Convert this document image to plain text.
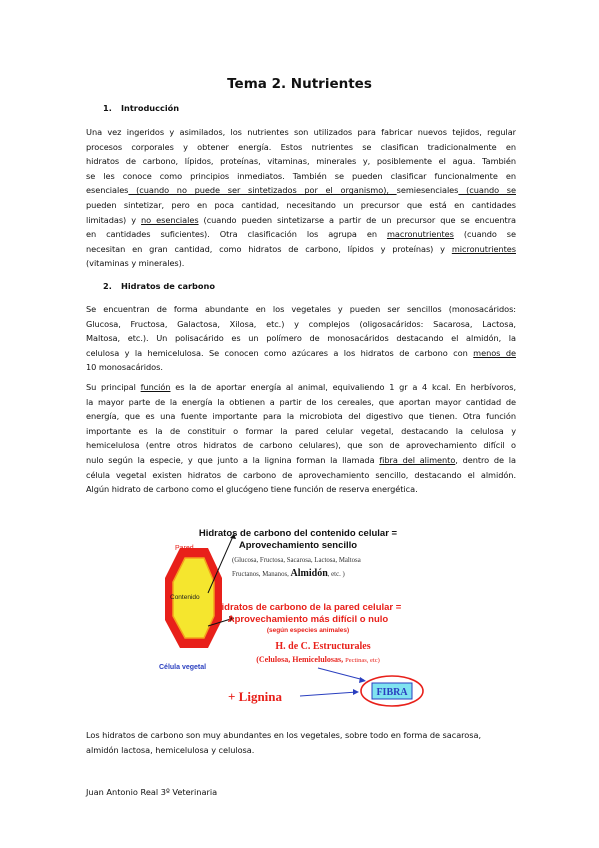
Tema 2. Nutrientes
1. Introducción
Una vez ingeridos y asimilados, los nutrientes son utilizados para fabricar nuevos tejidos, regular
procesos corporales y obtener energía. Estos nutrientes se clasifican tradicionalmente en
hidratos de carbono, lípidos, proteínas, vitaminas, minerales y, posiblemente el agua. También
se les conoce como principios inmediatos. También se pueden clasificar funcionalmente en
esenciales (cuando no puede ser sintetizados por el organismo), semiesenciales (cuando se
pueden sintetizar, pero en poca cantidad, necesitando un precursor que está en cantidades
limitadas) y no esenciales (cuando pueden sintetizarse a partir de un precursor que se encuentra
en cantidades suficientes). Otra clasificación los agrupa en macronutrientes (cuando se
necesitan en gran cantidad, como hidratos de carbono, lípidos y proteínas) y micronutrientes
(vitaminas y minerales).
2. Hidratos de carbono
Se encuentran de forma abundante en los vegetales y pueden ser sencillos (monosacáridos:
Glucosa, Fructosa, Galactosa, Xilosa, etc.) y complejos (oligosacáridos: Sacarosa, Lactosa,
Maltosa, etc.). Un polisacárido es un polímero de monosacáridos destacando el almidón, la
celulosa y la hemicelulosa. Se conocen como azúcares a los hidratos de carbono con menos de
10 monosacáridos.
Su principal función es la de aportar energía al animal, equivaliendo 1 gr a 4 kcal. En herbívoros,
la mayor parte de la energía la obtienen a partir de los cereales, que aportan mayor cantidad de
energía, que es una fuente importante para la microbiota del digestivo que tienen. Otra función
importante es la de constituir o formar la pared celular vegetal, destacando la celulosa y
hemicelulosa (entre otros hidratos de carbono celulares), que son de aprovechamiento difícil o
nulo según la especie, y que junto a la lignina forman la llamada fibra del alimento, dentro de la
célula vegetal existen hidratos de carbono de aprovechamiento sencillo, destacando el almidón.
Algún hidrato de carbono como el glucógeno tiene función de reserva energética.
Pared
Contenido
Célula vegetal
Hidratos de carbono del contenido celular =
Aprovechamiento sencillo
(Glucosa, Fructosa, Sacarosa, Lactosa, Maltosa
Fructanos, Mananos, Almidón, etc. )
Hidratos de carbono de la pared celular =
Aprovechamiento más difícil o nulo
(según especies animales)
H. de C. Estructurales
(Celulosa, Hemicelulosas, Pectinas, etc)
+ Lignina	FIBRA
Los hidratos de carbono son muy abundantes en los vegetales, sobre todo en forma de sacarosa,
almidón lactosa, hemicelulosa y celulosa.
Juan Antonio Real 3º Veterinaria
